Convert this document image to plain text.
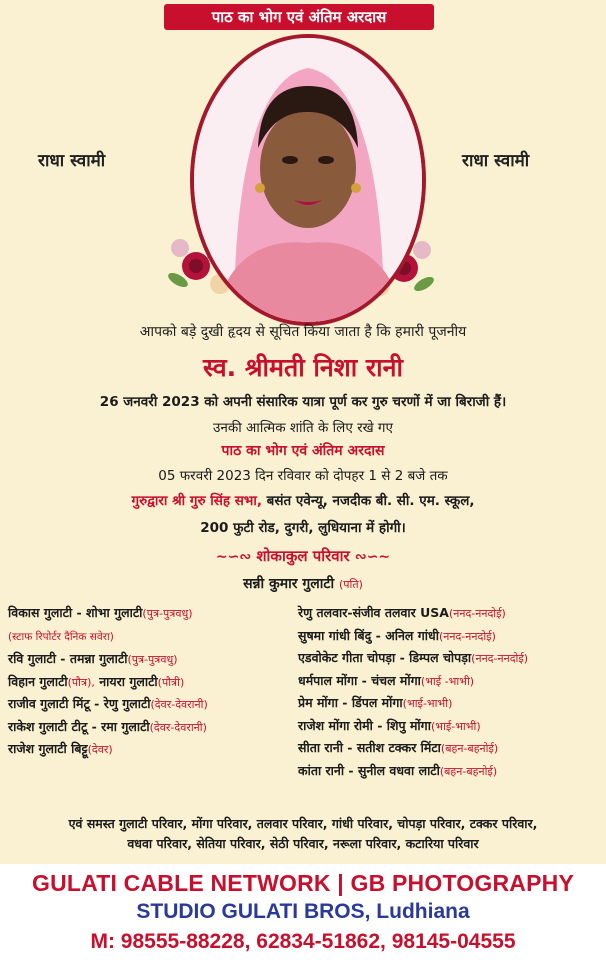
पाठ का भोग एवं अंतिम अरदास
राधा स्वामी	राधा स्वामी
आपको बड़े दुखी हृदय से सूचित किया जाता है कि हमारी पूजनीय
स्व. श्रीमती निशा रानी
26 जनवरी 2023 को अपनी संसारिक यात्रा पूर्ण कर गुरु चरणों में जा बिराजी हैं।
उनकी आत्मिक शांति के लिए रखे गए
पाठ का भोग एवं अंतिम अरदास
05 फरवरी 2023 दिन रविवार को दोपहर 1 से 2 बजे तक
गुरुद्वारा श्री गुरु सिंह सभा, बसंत एवेन्यू, नजदीक बी. सी. एम. स्कूल,
200 फुटी रोड, दुगरी, लुधियाना में होगी।
∼∽∾ शोकाकुल परिवार ∾∽∼
सन्नी कुमार गुलाटी (पति)
विकास गुलाटी - शोभा गुलाटी(पुत्र-पुत्रवधु)
(स्टाफ रिपोर्टर दैनिक सवेरा)
रवि गुलाटी - तमन्ना गुलाटी(पुत्र-पुत्रवधु)
विहान गुलाटी(पौत्र), नायरा गुलाटी(पौत्री)
राजीव गुलाटी मिंटू - रेणु गुलाटी(देवर-देवरानी)
राकेश गुलाटी टीटू - रमा गुलाटी(देवर-देवरानी)
राजेश गुलाटी बिट्टू(देवर)
रेणु तलवार-संजीव तलवार USA(ननद-ननदोई)
सुषमा गांधी बिंदु - अनिल गांधी(ननद-ननदोई)
एडवोकेट गीता चोपड़ा - डिम्पल चोपड़ा(ननद-ननदोई)
धर्मपाल मोंगा - चंचल मोंगा(भाई -भाभी)
प्रेम मोंगा - डिंपल मोंगा(भाई-भाभी)
राजेश मोंगा रोमी - शिपु मोंगा(भाई-भाभी)
सीता रानी - सतीश टक्कर मिंटा(बहन-बहनोई)
कांता रानी - सुनील वधवा लाटी(बहन-बहनोई)
एवं समस्त गुलाटी परिवार, मोंगा परिवार, तलवार परिवार, गांधी परिवार, चोपड़ा परिवार, टक्कर परिवार,
वधवा परिवार, सेतिया परिवार, सेठी परिवार, नरूला परिवार, कटारिया परिवार
GULATI CABLE NETWORK | GB PHOTOGRAPHY
STUDIO GULATI BROS, Ludhiana
M: 98555-88228, 62834-51862, 98145-04555
